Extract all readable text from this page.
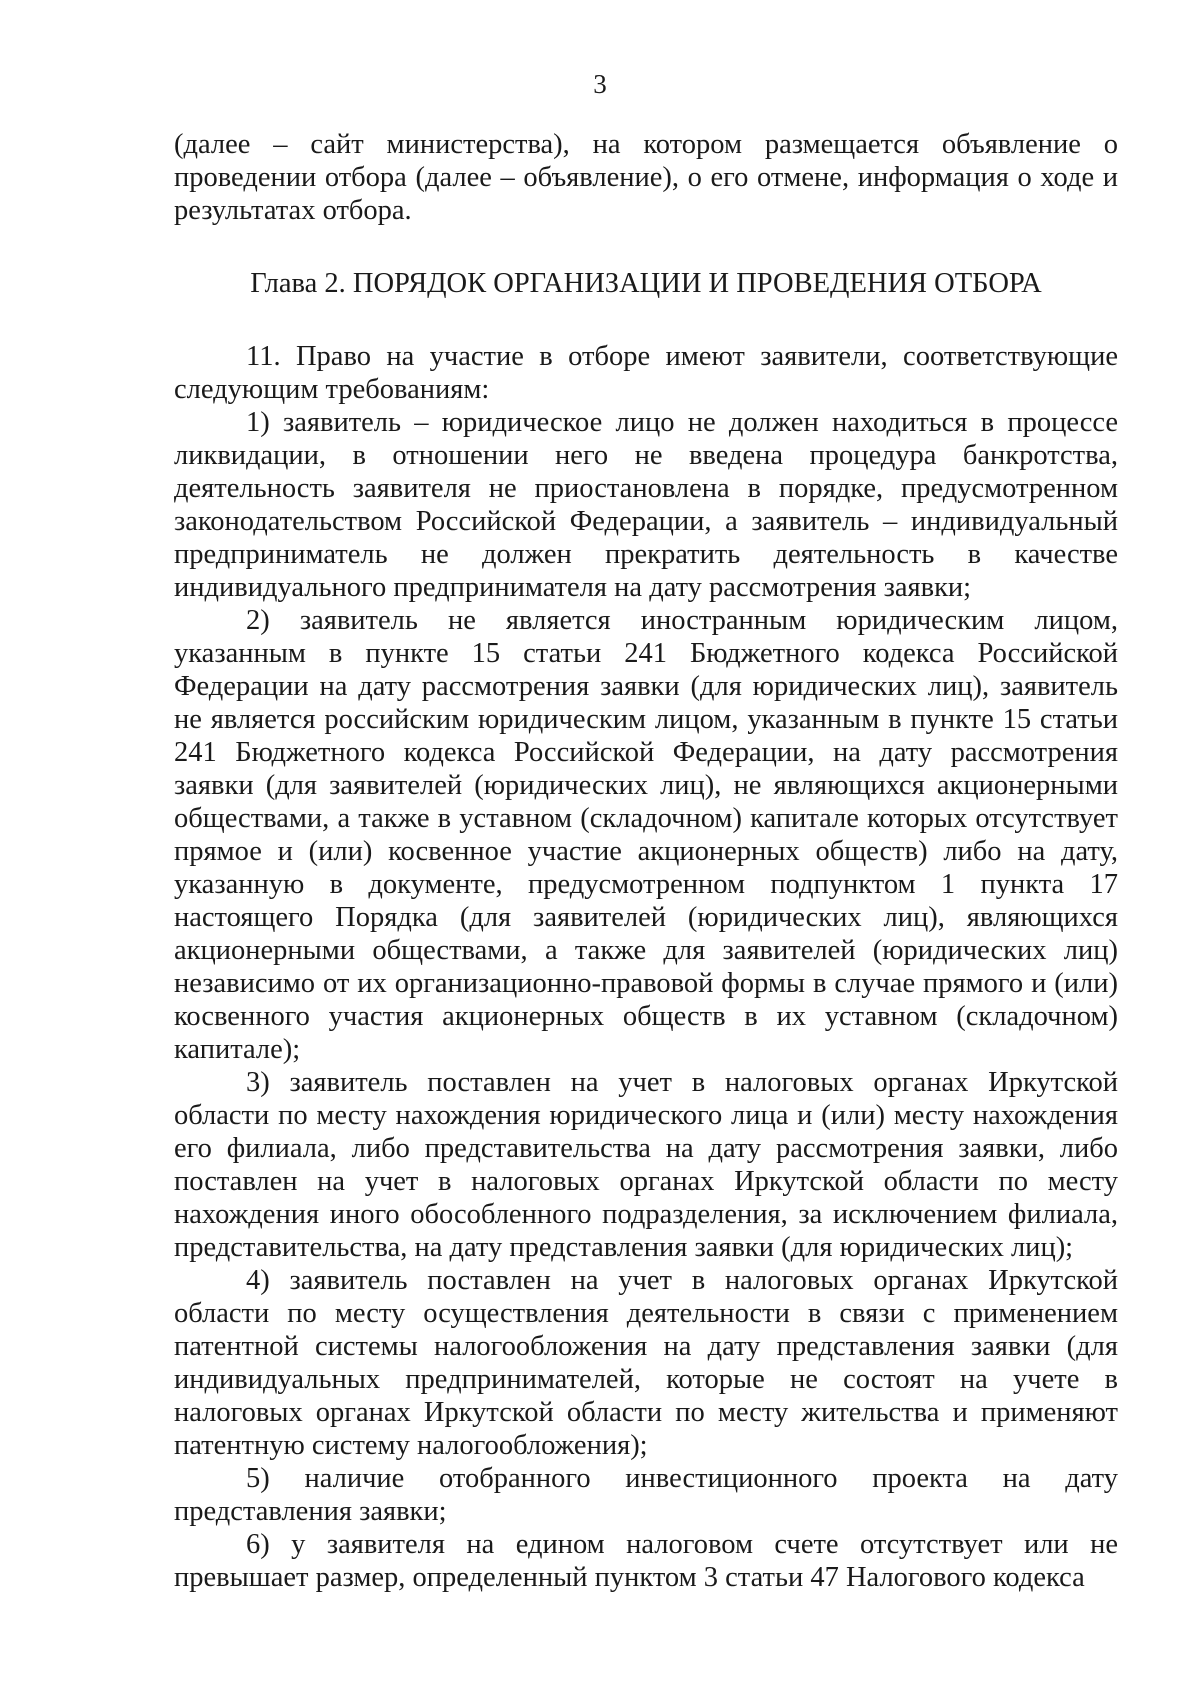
3

(далее – сайт министерства), на котором размещается объявление о проведении отбора (далее – объявление), о его отмене, информация о ходе и результатах отбора.

Глава 2. ПОРЯДОК ОРГАНИЗАЦИИ И ПРОВЕДЕНИЯ ОТБОРА

11. Право на участие в отборе имеют заявители, соответствующие следующим требованиям:

1) заявитель – юридическое лицо не должен находиться в процессе ликвидации, в отношении него не введена процедура банкротства, деятельность заявителя не приостановлена в порядке, предусмотренном законодательством Российской Федерации, а заявитель – индивидуальный предприниматель не должен прекратить деятельность в качестве индивидуального предпринимателя на дату рассмотрения заявки;

2) заявитель не является иностранным юридическим лицом, указанным в пункте 15 статьи 241 Бюджетного кодекса Российской Федерации на дату рассмотрения заявки (для юридических лиц), заявитель не является российским юридическим лицом, указанным в пункте 15 статьи 241 Бюджетного кодекса Российской Федерации, на дату рассмотрения заявки (для заявителей (юридических лиц), не являющихся акционерными обществами, а также в уставном (складочном) капитале которых отсутствует прямое и (или) косвенное участие акционерных обществ) либо на дату, указанную в документе, предусмотренном подпунктом 1 пункта 17 настоящего Порядка (для заявителей (юридических лиц), являющихся акционерными обществами, а также для заявителей (юридических лиц) независимо от их организационно-правовой формы в случае прямого и (или) косвенного участия акционерных обществ в их уставном (складочном) капитале);

3) заявитель поставлен на учет в налоговых органах Иркутской области по месту нахождения юридического лица и (или) месту нахождения его филиала, либо представительства на дату рассмотрения заявки, либо поставлен на учет в налоговых органах Иркутской области по месту нахождения иного обособленного подразделения, за исключением филиала, представительства, на дату представления заявки (для юридических лиц);

4) заявитель поставлен на учет в налоговых органах Иркутской области по месту осуществления деятельности в связи с применением патентной системы налогообложения на дату представления заявки (для индивидуальных предпринимателей, которые не состоят на учете в налоговых органах Иркутской области по месту жительства и применяют патентную систему налогообложения);

5) наличие отобранного инвестиционного проекта на дату представления заявки;

6) у заявителя на едином налоговом счете отсутствует или не превышает размер, определенный пунктом 3 статьи 47 Налогового кодекса
